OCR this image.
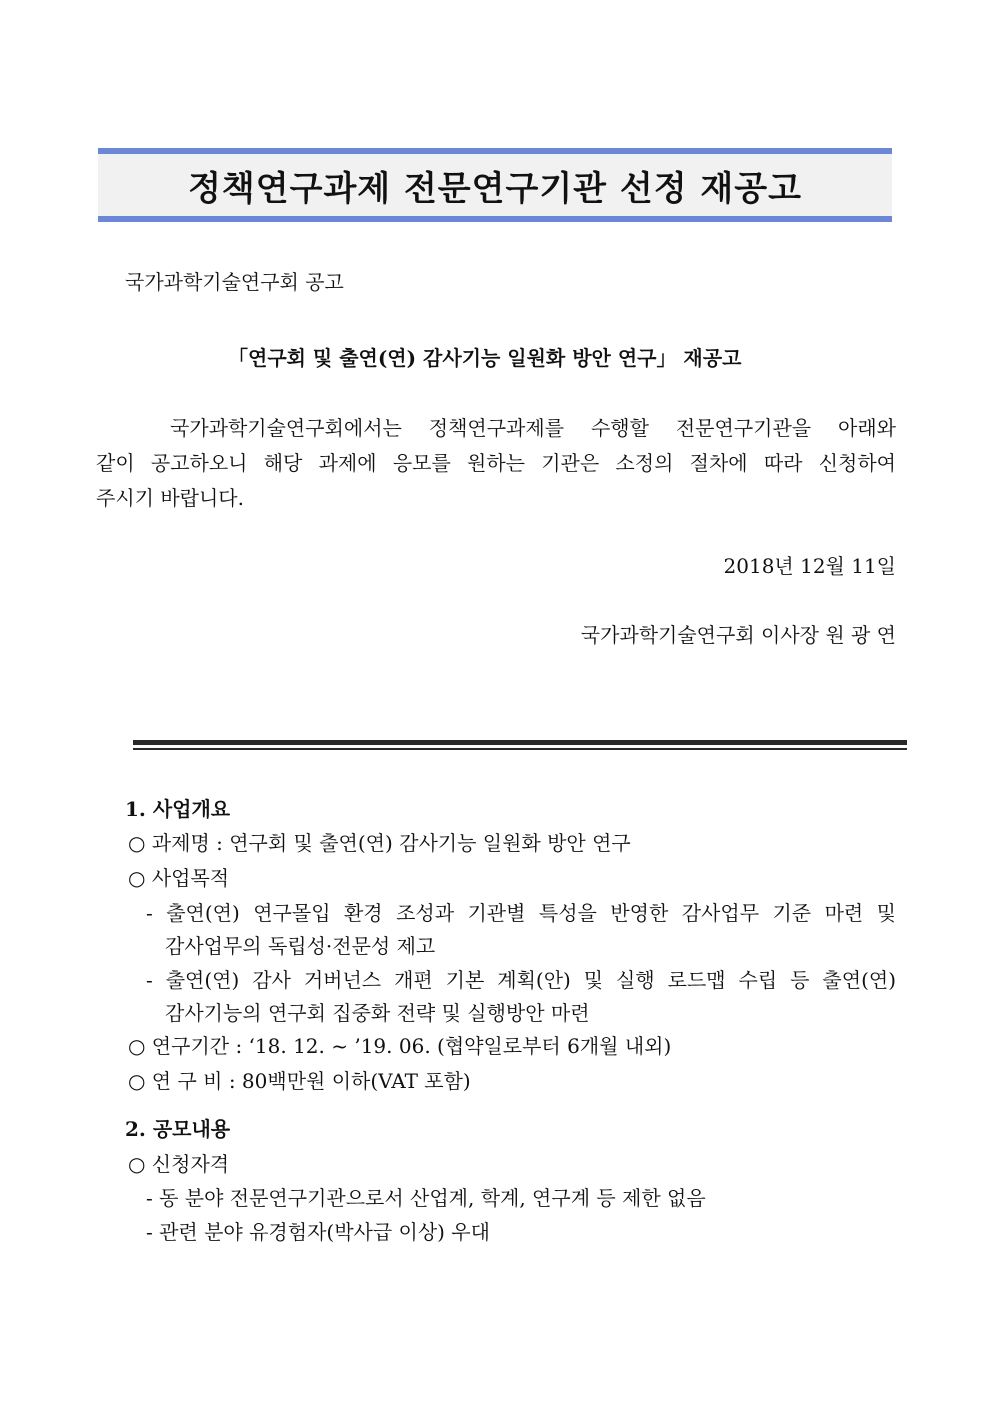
정책연구과제 전문연구기관 선정 재공고
국가과학기술연구회 공고
「연구회 및 출연(연) 감사기능 일원화 방안 연구」 재공고
국가과학기술연구회에서는 정책연구과제를 수행할 전문연구기관을 아래와
같이 공고하오니 해당 과제에 응모를 원하는 기관은 소정의 절차에 따라 신청하여
주시기 바랍니다.
2018년 12월 11일
국가과학기술연구회 이사장 원 광 연
1. 사업개요
○ 과제명 : 연구회 및 출연(연) 감사기능 일원화 방안 연구
○ 사업목적
- 출연(연) 연구몰입 환경 조성과 기관별 특성을 반영한 감사업무 기준 마련 및
감사업무의 독립성·전문성 제고
- 출연(연) 감사 거버넌스 개편 기본 계획(안) 및 실행 로드맵 수립 등 출연(연)
감사기능의 연구회 집중화 전략 및 실행방안 마련
○ 연구기간 : ‘18. 12. ~ ’19. 06. (협약일로부터 6개월 내외)
○ 연 구 비 : 80백만원 이하(VAT 포함)
2. 공모내용
○ 신청자격
- 동 분야 전문연구기관으로서 산업계, 학계, 연구계 등 제한 없음
- 관련 분야 유경험자(박사급 이상) 우대
